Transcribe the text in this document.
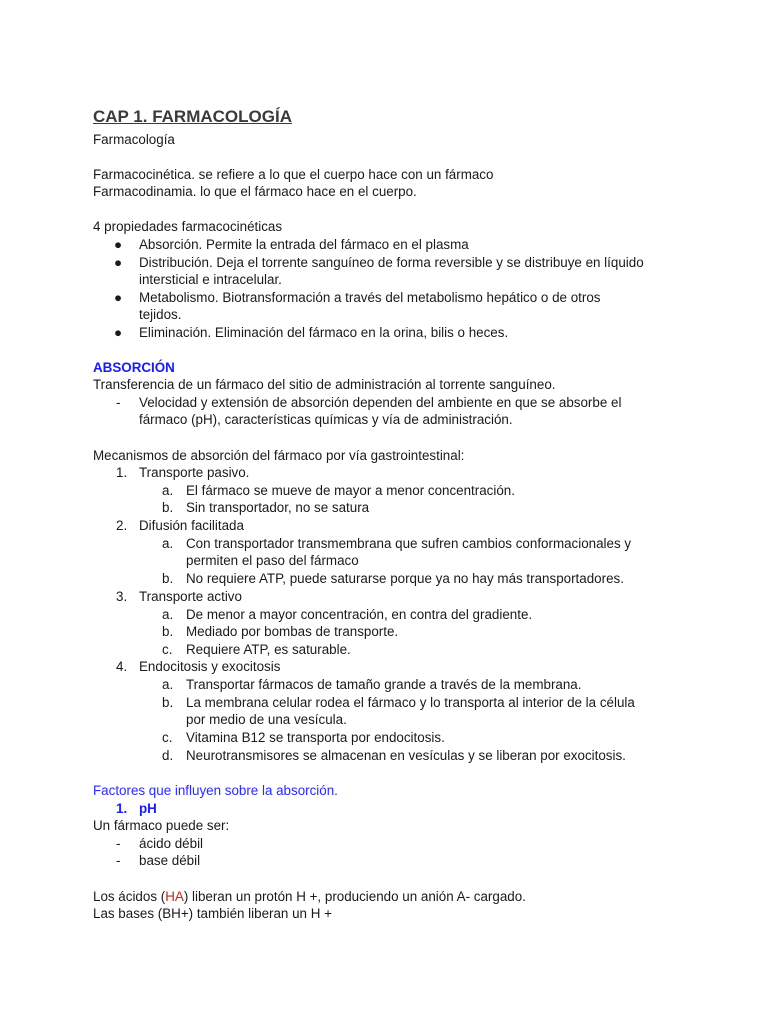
CAP 1. FARMACOLOGÍA
Farmacología
Farmacocinética. se refiere a lo que el cuerpo hace con un fármaco
Farmacodinamia. lo que el fármaco hace en el cuerpo.
4 propiedades farmacocinéticas
● Absorción. Permite la entrada del fármaco en el plasma
● Distribución. Deja el torrente sanguíneo de forma reversible y se distribuye en líquido
intersticial e intracelular.
● Metabolismo. Biotransformación a través del metabolismo hepático o de otros
tejidos.
● Eliminación. Eliminación del fármaco en la orina, bilis o heces.
ABSORCIÓN
Transferencia de un fármaco del sitio de administración al torrente sanguíneo.
- Velocidad y extensión de absorción dependen del ambiente en que se absorbe el
fármaco (pH), características químicas y vía de administración.
Mecanismos de absorción del fármaco por vía gastrointestinal:
1. Transporte pasivo.
a. El fármaco se mueve de mayor a menor concentración.
b. Sin transportador, no se satura
2. Difusión facilitada
a. Con transportador transmembrana que sufren cambios conformacionales y
permiten el paso del fármaco
b. No requiere ATP, puede saturarse porque ya no hay más transportadores.
3. Transporte activo
a. De menor a mayor concentración, en contra del gradiente.
b. Mediado por bombas de transporte.
c. Requiere ATP, es saturable.
4. Endocitosis y exocitosis
a. Transportar fármacos de tamaño grande a través de la membrana.
b. La membrana celular rodea el fármaco y lo transporta al interior de la célula
por medio de una vesícula.
c. Vitamina B12 se transporta por endocitosis.
d. Neurotransmisores se almacenan en vesículas y se liberan por exocitosis.
Factores que influyen sobre la absorción.
1. pH
Un fármaco puede ser:
- ácido débil
- base débil
Los ácidos (HA) liberan un protón H +, produciendo un anión A- cargado.
Las bases (BH+) también liberan un H +
